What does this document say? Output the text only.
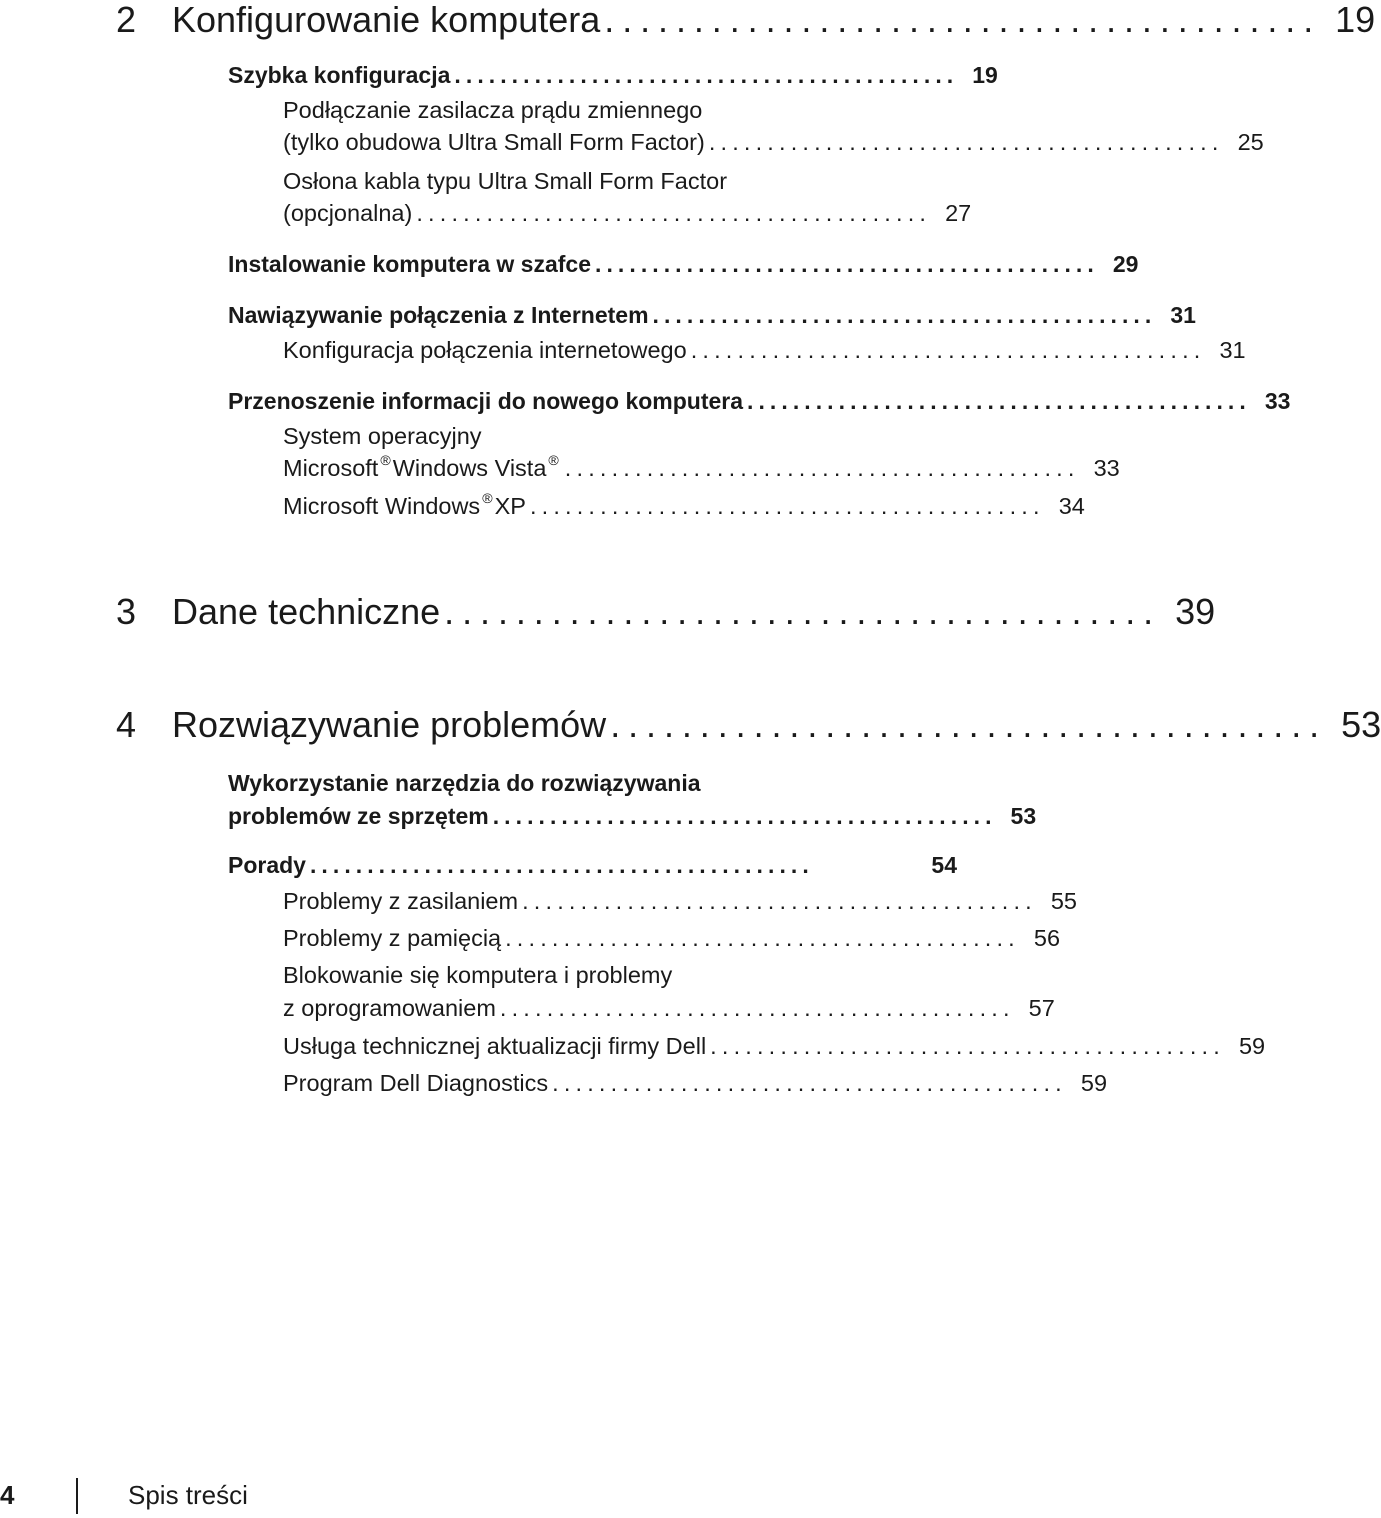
2 Konfigurowanie komputera ........................................ 19
Szybka konfiguracja ............................................ 19
Podłączanie zasilacza prądu zmiennego
(tylko obudowa Ultra Small Form Factor) ............................................ 25
Osłona kabla typu Ultra Small Form Factor
(opcjonalna) ............................................ 27
Instalowanie komputera w szafce ............................................ 29
Nawiązywanie połączenia z Internetem ............................................ 31
Konfiguracja połączenia internetowego ............................................ 31
Przenoszenie informacji do nowego komputera ............................................ 33
System operacyjny
Microsoft ®Windows Vista ® ............................................ 33
Microsoft Windows ®XP ............................................ 34
3 Dane techniczne ........................................ 39
4 Rozwiązywanie problemów ........................................ 53
Wykorzystanie narzędzia do rozwiązywania
problemów ze sprzętem ............................................ 53
Porady ............................................	54
Problemy z zasilaniem ............................................ 55
Problemy z pamięcią ............................................ 56
Blokowanie się komputera i problemy
z oprogramowaniem ............................................ 57
Usługa technicznej aktualizacji firmy Dell ............................................ 59
Program Dell Diagnostics ............................................ 59
4	Spis treści
